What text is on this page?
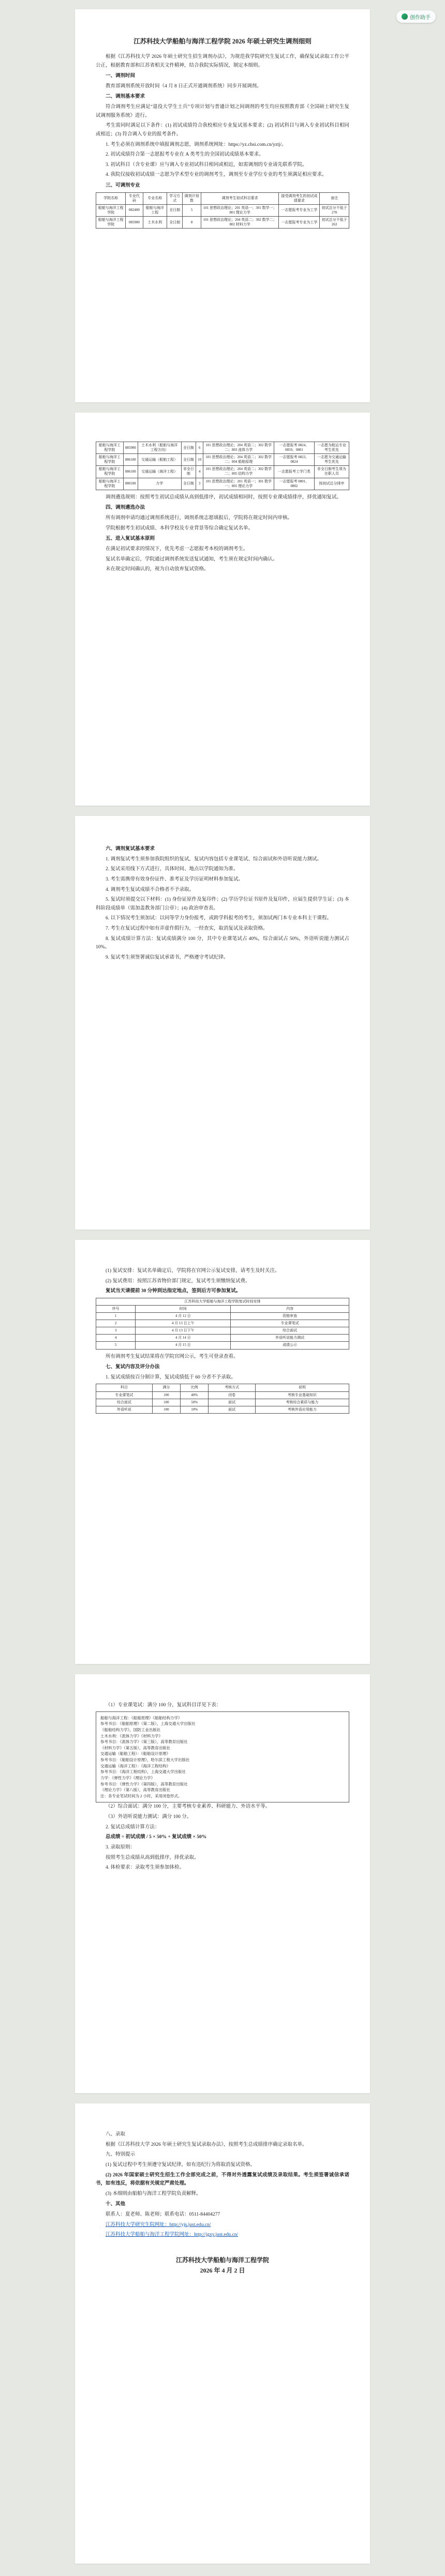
创作助手
江苏科技大学船舶与海洋工程学院 2026 年硕士研究生调剂细则

根据《江苏科技大学 2026 年硕士研究生招生调剂办法》，为规范我学院研究生复试工作，确保复试录取工作公平公正，根据教育部和江苏省相关文件精神，结合我院实际情况，制定本细则。

一、调剂时间

教育部调剂系统开放时间（4 月 8 日正式开通调剂系统）同步开展调剂。

二、调剂基本要求

符合调剂考生应满足“退役大学生士兵”专项计划与普通计划之间调剂的考生均应按照教育部《全国硕士研究生复试调剂服务系统》进行。

考生需同时满足以下条件：(1) 初试成绩符合我校相应专业复试基本要求；(2) 初试科目与调入专业初试科目相同或相近；(3) 符合调入专业的报考条件。

1. 考生必须在调剂系统中填报调剂志愿，调剂系统网址：https://yz.chsi.com.cn/yztj/。

2. 初试成绩符合第一志愿报考专业在 A 类考生的全国初试成绩基本要求。

3. 初试科目（含专业课）应与调入专业初试科目相同或相近，如需调剂的专业请先联系学院。

4. 我院仅接收初试成绩一志愿为学术型专业的调剂考生，调剂至专业学位专业的考生须满足相应要求。

三、可调剂专业

学院名称	专业代码	专业名称	学习方式	调剂计划数	调剂考生初试科目要求	接受调剂考生的初试成绩要求	备注
船舶与海洋工程学院	082400	船舶与海洋工程	全日制	5	101 思想政治理论；201 英语一；301 数学一；801 理论力学	一志愿报考专业为工学	初试总分不低于 270
船舶与海洋工程学院	085900	土木水利	全日制	8	101 思想政治理论；204 英语二；302 数学二；802 材料力学	一志愿报考专业为工学	初试总分不低于 263
船舶与海洋工程学院	085900	土木水利（船舶与海洋工程方向）	全日制	6	101 思想政治理论；204 英语二；302 数学二；803 流体力学	一志愿报考 0824、0859、0801	一志愿为航运专业考生优先
船舶与海洋工程学院	086100	交通运输（船舶工程）	全日制	10	101 思想政治理论；204 英语二；302 数学二；804 船舶原理	一志愿报考 0823、0824	一志愿为交通运输考生优先
船舶与海洋工程学院	086100	交通运输（海洋工程）	非全日制	4	101 思想政治理论；204 英语二；302 数学二；805 结构力学	一志愿报考工学门类	非全日制考生须为在职人员
船舶与海洋工程学院	080100	力学	全日制	3	101 思想政治理论；201 英语一；301 数学一；801 理论力学	一志愿报考 0801、0802	按初试总分排序

调剂遴选规则：按照考生初试总成绩从高到低排序，初试成绩相同时，按照专业课成绩排序，择优通知复试。

四、调剂遴选办法

所有调剂申请均通过调剂系统进行，调剂系统志愿填报后，学院将在规定时间内审核。

学院根据考生初试成绩、本科学校及专业背景等综合确定复试名单。

五、进入复试基本原则

在满足初试要求的情况下，优先考虑一志愿报考本校的调剂考生。

复试名单确定后，学院通过调剂系统发送复试通知，考生须在规定时间内确认。

未在规定时间确认的，视为自动放弃复试资格。

六、调剂复试基本要求

1. 调剂复试考生须参加我院组织的复试，复试内容包括专业课笔试、综合面试和外语听说能力测试。

2. 复试采用线下方式进行，具体时间、地点以学院通知为准。

3. 考生需携带有效身份证件、准考证及学历证明材料参加复试。

4. 调剂考生复试成绩不合格者不予录取。

5. 复试时须提交以下材料：(1) 身份证原件及复印件；(2) 学历学位证书原件及复印件，应届生提供学生证；(3) 本科阶段成绩单（需加盖教务部门公章）；(4) 政治审查表。

6. 以下情况考生须加试：以同等学力身份报考，或跨学科报考的考生，须加试两门本专业本科主干课程。

7. 考生在复试过程中如有弄虚作假行为，一经查实，取消复试及录取资格。

8. 复试成绩计算方法：复试成绩满分 100 分，其中专业课笔试占 40%，综合面试占 50%，外语听说能力测试占 10%。

9. 复试考生须签署诚信复试承诺书，严格遵守考试纪律。

(1) 复试安排：复试名单确定后，学院将在官网公示复试安排，请考生及时关注。

(2) 复试费用：按照江苏省物价部门规定，复试考生须缴纳复试费。

复试当天请提前 30 分钟到达指定地点，签到后方可参加复试。

江苏科技大学船舶与海洋工程学院复试时间安排		
序号	时间	内容
1	4 月 12 日	资格审查
2	4 月 13 日上午	专业课笔试
3	4 月 13 日下午	综合面试
4	4 月 14 日	外语听说能力测试
5	4 月 15 日	成绩公示

所有调剂考生复试结果将在学院官网公示，考生可登录查看。

七、复试内容及评分办法

1. 复试成绩按百分制计算，复试成绩低于 60 分者不予录取。

科目	满分	比例	考核方式	说明
专业课笔试	100	40%	闭卷	考核专业基础知识
综合面试	100	50%	面试	考核综合素质与能力
外语听说	100	10%	面试	考核外语应用能力

（1）专业课笔试：满分 100 分，复试科目详见下表：

船舶与海洋工程：《船舶原理》《船舶结构力学》
参考书目：《船舶原理》（第二版），上海交通大学出版社
《船舶结构力学》，国防工业出版社
土木水利：《流体力学》《材料力学》
参考书目：《流体力学》（第三版），高等教育出版社
《材料力学》（第五版），高等教育出版社
交通运输（船舶工程）：《船舶设计原理》
参考书目：《船舶设计原理》，哈尔滨工程大学出版社
交通运输（海洋工程）：《海洋工程结构》
参考书目：《海洋工程结构》，上海交通大学出版社
力学：《弹性力学》《理论力学》
参考书目：《弹性力学》（第四版），高等教育出版社
《理论力学》（第八版），高等教育出版社
注：各专业笔试时间为 2 小时，采用闭卷形式。

（2）综合面试：满分 100 分，主要考核专业素养、科研能力、外语水平等。

（3）外语听说能力测试：满分 100 分。

2. 复试总成绩计算方法：

总成绩 = 初试成绩 / 5 × 50% + 复试成绩 × 50%

3. 录取原则：

按照考生总成绩从高到低排序，择优录取。

4. 体检要求：录取考生须参加体检。

八、录取

根据《江苏科技大学 2026 年硕士研究生复试录取办法》，按照考生总成绩排序确定录取名单。

九、特别提示

(1) 复试过程中考生须遵守复试纪律，如有违纪行为将取消复试资格。

(2) 2026 年国家硕士研究生招生工作全部完成之前，不得对外透露复试成绩及录取结果。考生须签署诚信承诺书，如有违反，将依据有关规定严肃处理。

(3) 本细则由船舶与海洋工程学院负责解释。

十、其他

联系人：夏老师、陈老师；联系电话：0511-84404277

江苏科技大学研究生院网址：http://yjs.just.edu.cn/

江苏科技大学船舶与海洋工程学院网址：http://jgxy.just.edu.cn/

江苏科技大学船舶与海洋工程学院
2026 年 4 月 2 日
